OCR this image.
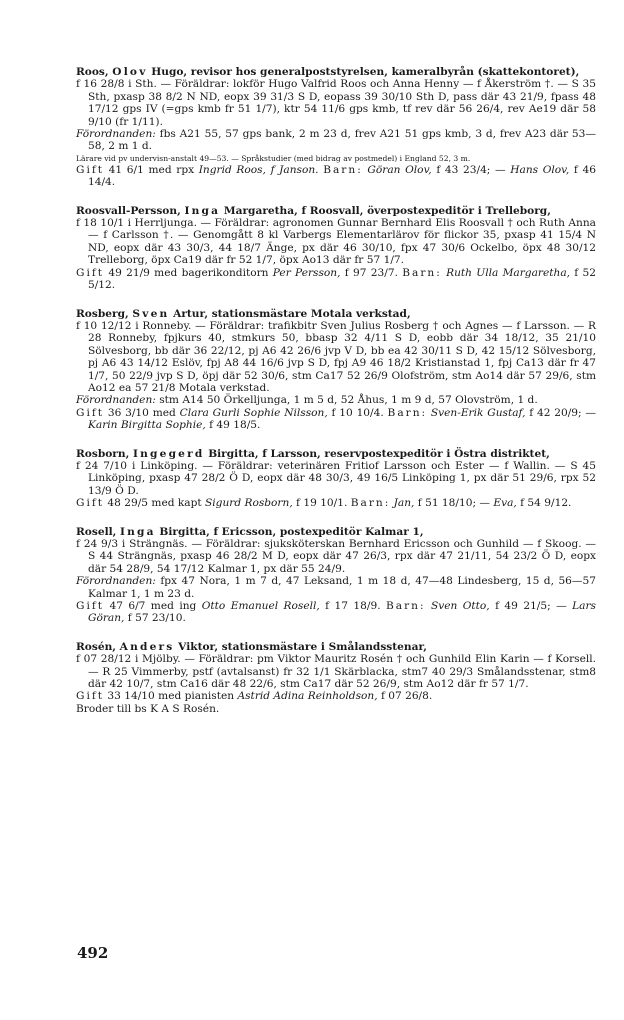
Roos, Olov Hugo, revisor hos generalpoststyrelsen, kameralbyrån (skattekontoret),

f 16 28/8 i Sth. — Föräldrar: lokför Hugo Valfrid Roos och Anna Henny — f Åkerström †. — S 35 Sth, pxasp 38 8/2 N ND, eopx 39 31/3 S D, eopass 39 30/10 Sth D, pass där 43 21/9, fpass 48 17/12 gps IV (=gps kmb fr 51 1/7), ktr 54 11/6 gps kmb, tf rev där 56 26/4, rev Ae19 där 58 9/10 (fr 1/11).

Förordnanden: fbs A21 55, 57 gps bank, 2 m 23 d, frev A21 51 gps kmb, 3 d, frev A23 där 53—58, 2 m 1 d.

Lärare vid pv undervisn-anstalt 49—53. — Språkstudier (med bidrag av postmedel) i England 52, 3 m.

Gift 41 6/1 med rpx Ingrid Roos, f Janson. Barn: Göran Olov, f 43 23/4; — Hans Olov, f 46 14/4.

Roosvall-Persson, Inga Margaretha, f Roosvall, överpostexpeditör i Trelleborg,

f 18 10/1 i Herrljunga. — Föräldrar: agronomen Gunnar Bernhard Elis Roosvall † och Ruth Anna — f Carlsson †. — Genomgått 8 kl Varbergs Elementarlärov för flickor 35, pxasp 41 15/4 N ND, eopx där 43 30/3, 44 18/7 Änge, px där 46 30/10, fpx 47 30/6 Ockelbo, öpx 48 30/12 Trelleborg, öpx Ca19 där fr 52 1/7, öpx Ao13 där fr 57 1/7.

Gift 49 21/9 med bagerikonditorn Per Persson, f 97 23/7. Barn: Ruth Ulla Margaretha, f 52 5/12.

Rosberg, Sven Artur, stationsmästare Motala verkstad,

f 10 12/12 i Ronneby. — Föräldrar: trafikbitr Sven Julius Rosberg † och Agnes — f Larsson. — R 28 Ronneby, fpjkurs 40, stmkurs 50, bbasp 32 4/11 S D, eobb där 34 18/12, 35 21/10 Sölvesborg, bb där 36 22/12, pj A6 42 26/6 jvp V D, bb ea 42 30/11 S D, 42 15/12 Sölvesborg, pj A6 43 14/12 Eslöv, fpj A8 44 16/6 jvp S D, fpj A9 46 18/2 Kristianstad 1, fpj Ca13 där fr 47 1/7, 50 22/9 jvp S D, öpj där 52 30/6, stm Ca17 52 26/9 Olofström, stm Ao14 där 57 29/6, stm Ao12 ea 57 21/8 Motala verkstad.

Förordnanden: stm A14 50 Örkelljunga, 1 m 5 d, 52 Åhus, 1 m 9 d, 57 Olovström, 1 d.

Gift 36 3/10 med Clara Gurli Sophie Nilsson, f 10 10/4. Barn: Sven-Erik Gustaf, f 42 20/9; — Karin Birgitta Sophie, f 49 18/5.

Rosborn, Ingegerd Birgitta, f Larsson, reservpostexpeditör i Östra distriktet,

f 24 7/10 i Linköping. — Föräldrar: veterinären Fritiof Larsson och Ester — f Wallin. — S 45 Linköping, pxasp 47 28/2 Ö D, eopx där 48 30/3, 49 16/5 Linköping 1, px där 51 29/6, rpx 52 13/9 Ö D.

Gift 48 29/5 med kapt Sigurd Rosborn, f 19 10/1. Barn: Jan, f 51 18/10; — Eva, f 54 9/12.

Rosell, Inga Birgitta, f Ericsson, postexpeditör Kalmar 1,

f 24 9/3 i Strängnäs. — Föräldrar: sjuksköterskan Bernhard Ericsson och Gunhild — f Skoog. — S 44 Strängnäs, pxasp 46 28/2 M D, eopx där 47 26/3, rpx där 47 21/11, 54 23/2 Ö D, eopx där 54 28/9, 54 17/12 Kalmar 1, px där 55 24/9.

Förordnanden: fpx 47 Nora, 1 m 7 d, 47 Leksand, 1 m 18 d, 47—48 Lindesberg, 15 d, 56—57 Kalmar 1, 1 m 23 d.

Gift 47 6/7 med ing Otto Emanuel Rosell, f 17 18/9. Barn: Sven Otto, f 49 21/5; — Lars Göran, f 57 23/10.

Rosén, Anders Viktor, stationsmästare i Smålandsstenar,

f 07 28/12 i Mjölby. — Föräldrar: pm Viktor Mauritz Rosén † och Gunhild Elin Karin — f Korsell. — R 25 Vimmerby, pstf (avtalsanst) fr 32 1/1 Skärblacka, stm7 40 29/3 Smålandsstenar, stm8 där 42 10/7, stm Ca16 där 48 22/6, stm Ca17 där 52 26/9, stm Ao12 där fr 57 1/7.

Gift 33 14/10 med pianisten Astrid Adina Reinholdson, f 07 26/8.

Broder till bs K A S Rosén.

492
